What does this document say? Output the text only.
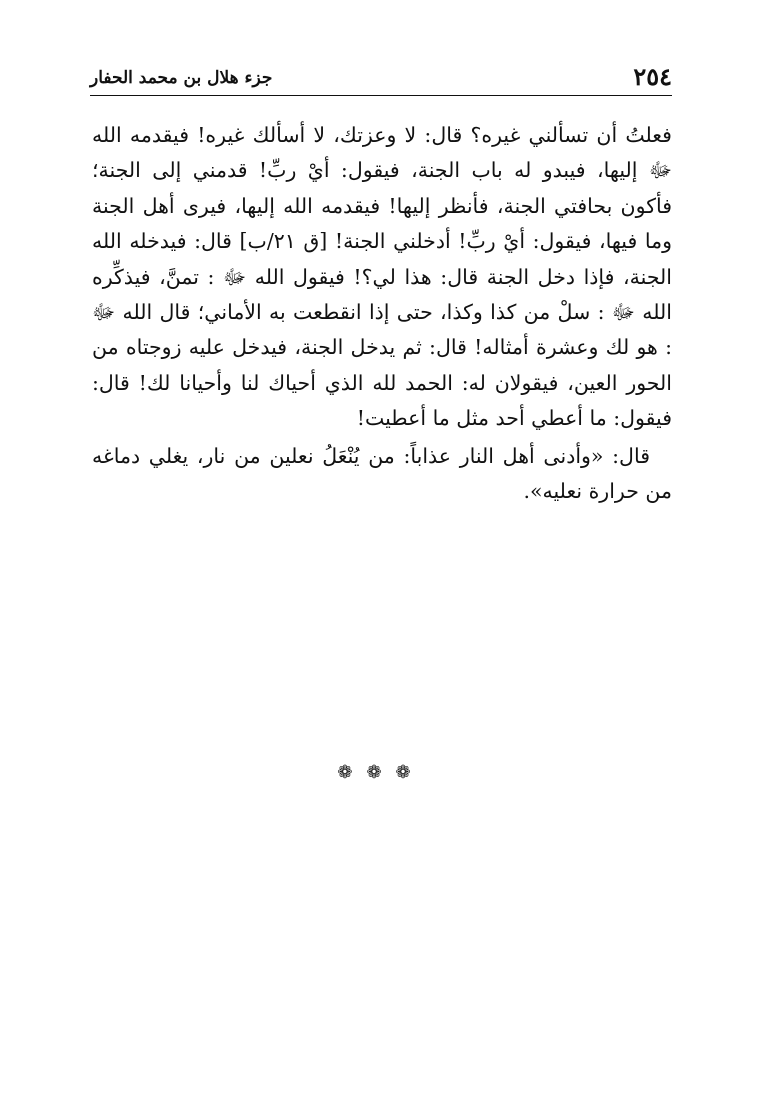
٢٥٤
جزء هلال بن محمد الحفار

فعلتُ أن تسألني غيره؟ قال: لا وعزتك، لا أسألك غيره! فيقدمه الله ﷻ إليها، فيبدو له باب الجنة، فيقول: أيْ ربِّ! قدمني إلى الجنة؛ فأكون بحافتي الجنة، فأنظر إليها! فيقدمه الله إليها، فيرى أهل الجنة وما فيها، فيقول: أيْ ربِّ! أدخلني الجنة! [ق ٢١/ب] قال: فيدخله الله الجنة، فإذا دخل الجنة قال: هذا لي؟! فيقول الله ﷻ : تمنَّ، فيذكِّره الله ﷻ : سلْ من كذا وكذا، حتى إذا انقطعت به الأماني؛ قال الله ﷻ : هو لك وعشرة أمثاله! قال: ثم يدخل الجنة، فيدخل عليه زوجتاه من الحور العين، فيقولان له: الحمد لله الذي أحياك لنا وأحيانا لك! قال: فيقول: ما أعطي أحد مثل ما أعطيت!

قال: «وأدنى أهل النار عذاباً: من يُنْعَلُ نعلين من نار، يغلي دماغه من حرارة نعليه».

❁❁❁
